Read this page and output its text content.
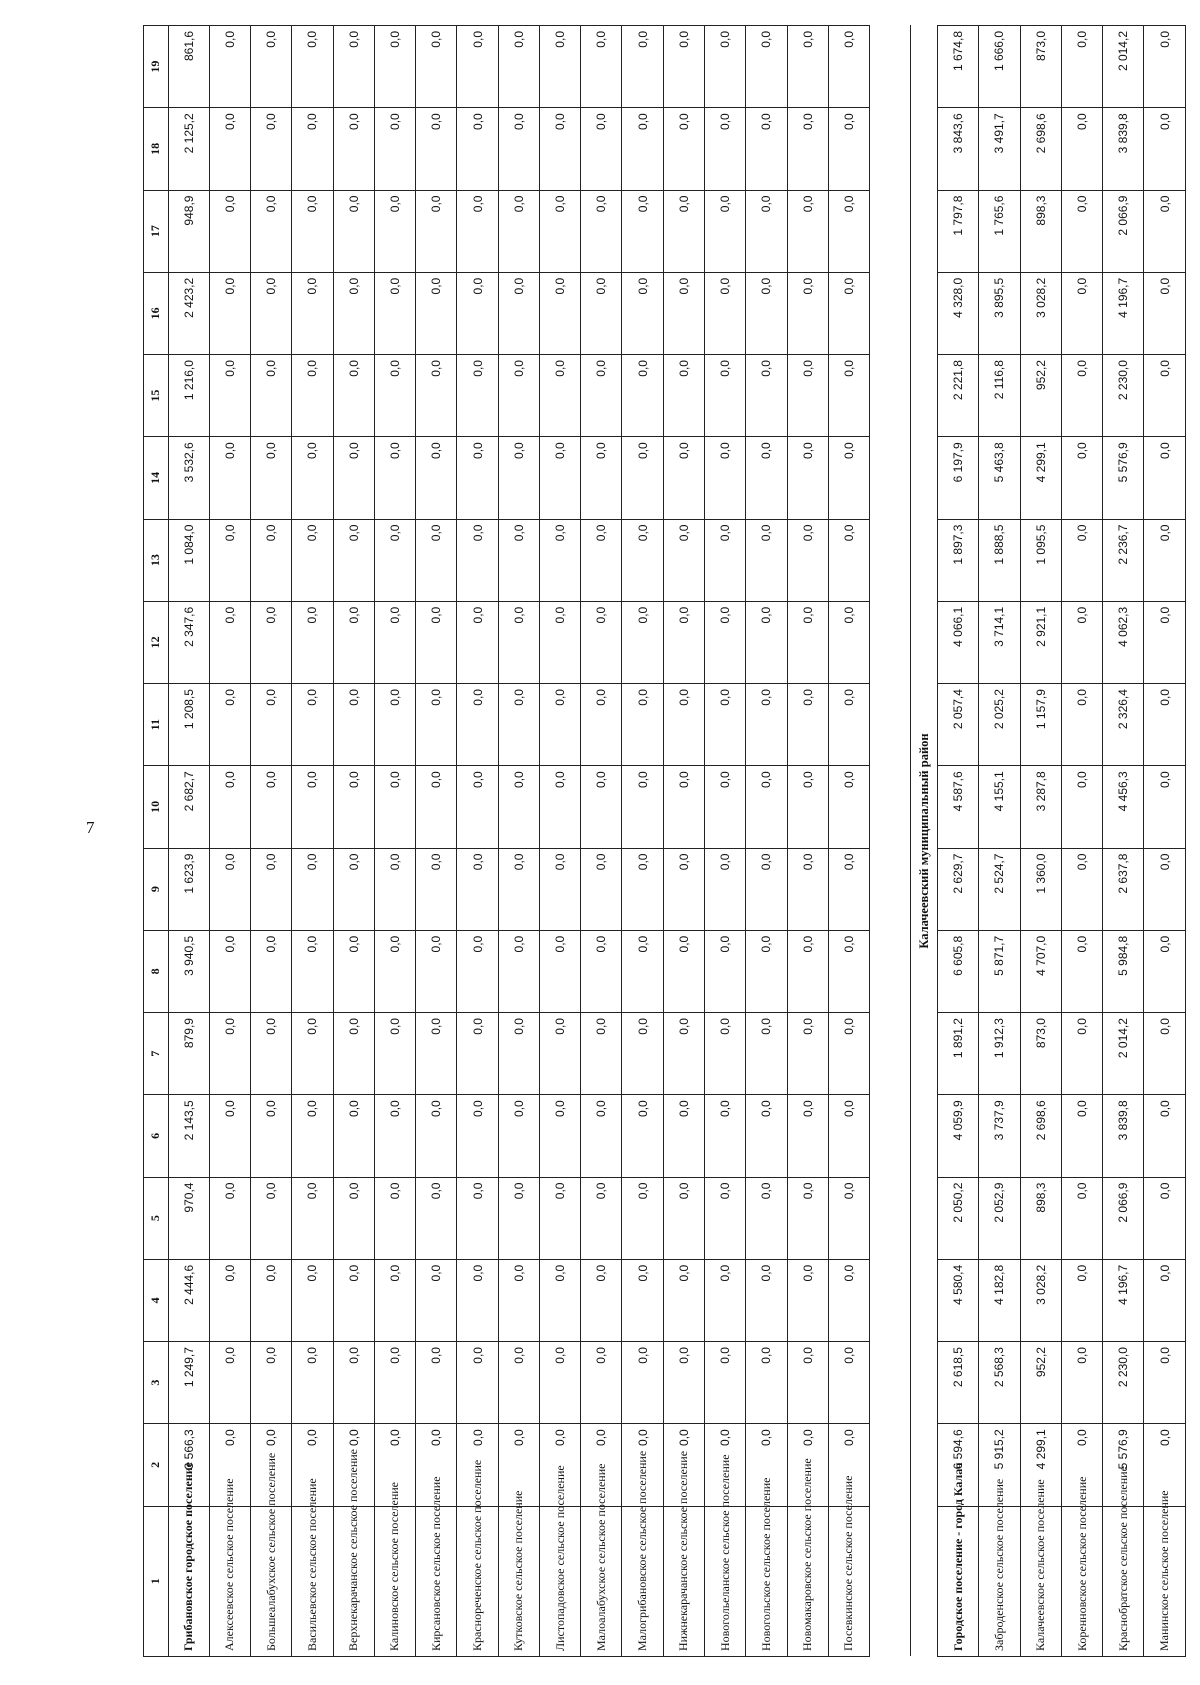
7
1	2	3	4	5	6	7	8	9	10	11	12	13	14	15	16	17	18	19
Грибановское городское поселение	3 566,3	1 249,7	2 444,6	970,4	2 143,5	879,9	3 940,5	1 623,9	2 682,7	1 208,5	2 347,6	1 084,0	3 532,6	1 216,0	2 423,2	948,9	2 125,2	861,6
Алексеевское сельское поселение	0,0	0,0	0,0	0,0	0,0	0,0	0,0	0,0	0,0	0,0	0,0	0,0	0,0	0,0	0,0	0,0	0,0	0,0
Большеалабухское сельское поселение	0,0	0,0	0,0	0,0	0,0	0,0	0,0	0,0	0,0	0,0	0,0	0,0	0,0	0,0	0,0	0,0	0,0	0,0
Васильевское сельское поселение	0,0	0,0	0,0	0,0	0,0	0,0	0,0	0,0	0,0	0,0	0,0	0,0	0,0	0,0	0,0	0,0	0,0	0,0
Верхнекарачанское сельское поселение	0,0	0,0	0,0	0,0	0,0	0,0	0,0	0,0	0,0	0,0	0,0	0,0	0,0	0,0	0,0	0,0	0,0	0,0
Калиновское сельское поселение	0,0	0,0	0,0	0,0	0,0	0,0	0,0	0,0	0,0	0,0	0,0	0,0	0,0	0,0	0,0	0,0	0,0	0,0
Кирсановское сельское поселение	0,0	0,0	0,0	0,0	0,0	0,0	0,0	0,0	0,0	0,0	0,0	0,0	0,0	0,0	0,0	0,0	0,0	0,0
Краснореченское сельское поселение	0,0	0,0	0,0	0,0	0,0	0,0	0,0	0,0	0,0	0,0	0,0	0,0	0,0	0,0	0,0	0,0	0,0	0,0
Кутковское сельское поселение	0,0	0,0	0,0	0,0	0,0	0,0	0,0	0,0	0,0	0,0	0,0	0,0	0,0	0,0	0,0	0,0	0,0	0,0
Листопадовское сельское поселение	0,0	0,0	0,0	0,0	0,0	0,0	0,0	0,0	0,0	0,0	0,0	0,0	0,0	0,0	0,0	0,0	0,0	0,0
Малоалабухское сельское поселение	0,0	0,0	0,0	0,0	0,0	0,0	0,0	0,0	0,0	0,0	0,0	0,0	0,0	0,0	0,0	0,0	0,0	0,0
Малогрибановское сельское поселение	0,0	0,0	0,0	0,0	0,0	0,0	0,0	0,0	0,0	0,0	0,0	0,0	0,0	0,0	0,0	0,0	0,0	0,0
Нижнекарачанское сельское поселение	0,0	0,0	0,0	0,0	0,0	0,0	0,0	0,0	0,0	0,0	0,0	0,0	0,0	0,0	0,0	0,0	0,0	0,0
Новогольеланское сельское поселение	0,0	0,0	0,0	0,0	0,0	0,0	0,0	0,0	0,0	0,0	0,0	0,0	0,0	0,0	0,0	0,0	0,0	0,0
Новогольское сельское поселение	0,0	0,0	0,0	0,0	0,0	0,0	0,0	0,0	0,0	0,0	0,0	0,0	0,0	0,0	0,0	0,0	0,0	0,0
Новомакаровское сельское поселение	0,0	0,0	0,0	0,0	0,0	0,0	0,0	0,0	0,0	0,0	0,0	0,0	0,0	0,0	0,0	0,0	0,0	0,0
Посевкинское сельское поселение	0,0	0,0	0,0	0,0	0,0	0,0	0,0	0,0	0,0	0,0	0,0	0,0	0,0	0,0	0,0	0,0	0,0	0,0

Калачеевский муниципальный район																		
Городское поселение - город Калач	6 594,6	2 618,5	4 580,4	2 050,2	4 059,9	1 891,2	6 605,8	2 629,7	4 587,6	2 057,4	4 066,1	1 897,3	6 197,9	2 221,8	4 328,0	1 797,8	3 843,6	1 674,8
Заброденское сельское поселение	5 915,2	2 568,3	4 182,8	2 052,9	3 737,9	1 912,3	5 871,7	2 524,7	4 155,1	2 025,2	3 714,1	1 888,5	5 463,8	2 116,8	3 895,5	1 765,6	3 491,7	1 666,0
Калачеевское сельское поселение	4 299,1	952,2	3 028,2	898,3	2 698,6	873,0	4 707,0	1 360,0	3 287,8	1 157,9	2 921,1	1 095,5	4 299,1	952,2	3 028,2	898,3	2 698,6	873,0
Коренновское сельское поселение	0,0	0,0	0,0	0,0	0,0	0,0	0,0	0,0	0,0	0,0	0,0	0,0	0,0	0,0	0,0	0,0	0,0	0,0
Краснобратское сельское поселение	5 576,9	2 230,0	4 196,7	2 066,9	3 839,8	2 014,2	5 984,8	2 637,8	4 456,3	2 326,4	4 062,3	2 236,7	5 576,9	2 230,0	4 196,7	2 066,9	3 839,8	2 014,2
Манинское сельское поселение	0,0	0,0	0,0	0,0	0,0	0,0	0,0	0,0	0,0	0,0	0,0	0,0	0,0	0,0	0,0	0,0	0,0	0,0
